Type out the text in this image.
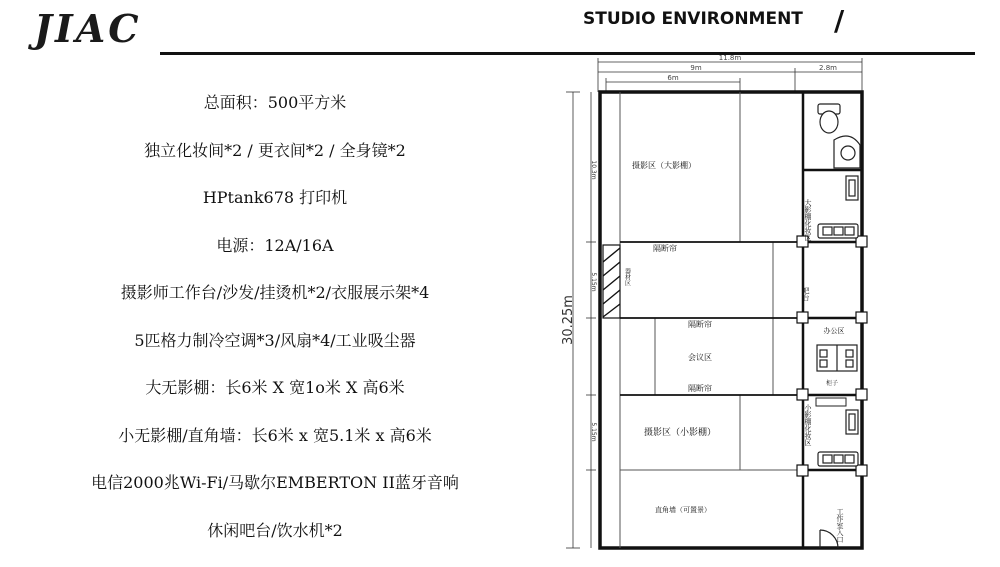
JIAC	STUDIO ENVIRONMENT /
总面积：500平方米
独立化妆间*2 / 更衣间*2 / 全身镜*2
HPtank678 打印机
电源：12A/16A
摄影师工作台/沙发/挂烫机*2/衣服展示架*4
5匹格力制冷空调*3/风扇*4/工业吸尘器
大无影棚：长6米 X 宽1o米 X 高6米
小无影棚/直角墙：长6米 x 宽5.1米 x 高6米
电信2000兆Wi-Fi/马歇尔EMBERTON II蓝牙音响
休闲吧台/饮水机*2
11.8m
9m	2.8m
6m
30.25m
10.3m
5.15m
5.15m
摄影区（大影棚）
隔断帘
隔断帘
会议区
隔断帘
摄影区（小影棚）
直角墙（可置景）
办公区
柜子
大影棚化妆区
小影棚化妆区
吧台
器材区
工作室入口
